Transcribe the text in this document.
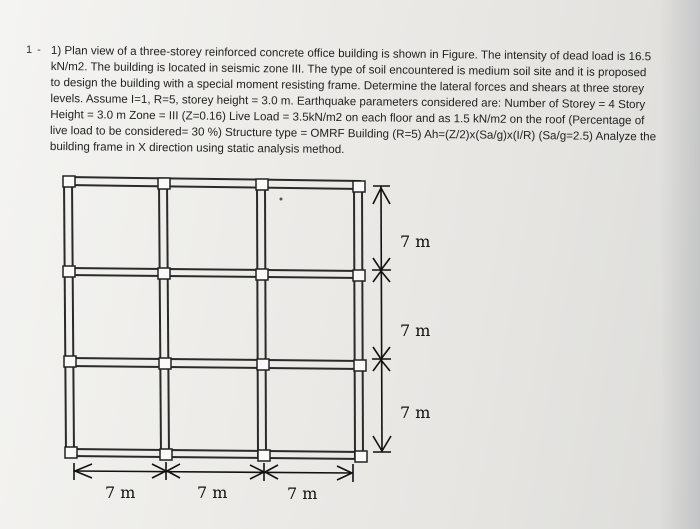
1 - 1) Plan view of a three-storey reinforced concrete office building is shown in Figure. The intensity of dead load is 16.5
kN/m2. The building is located in seismic zone III. The type of soil encountered is medium soil site and it is proposed
to design the building with a special moment resisting frame. Determine the lateral forces and shears at three storey
levels. Assume I=1, R=5, storey height = 3.0 m. Earthquake parameters considered are: Number of Storey = 4 Story
Height = 3.0 m Zone = III (Z=0.16) Live Load = 3.5kN/m2 on each floor and as 1.5 kN/m2 on the roof (Percentage of
live load to be considered= 30 %) Structure type = OMRF Building (R=5) Ah=(Z/2)x(Sa/g)x(I/R) (Sa/g=2.5) Analyze the
building frame in X direction using static analysis method.

7 m
7 m
7 m
7 m	7 m	7 m
